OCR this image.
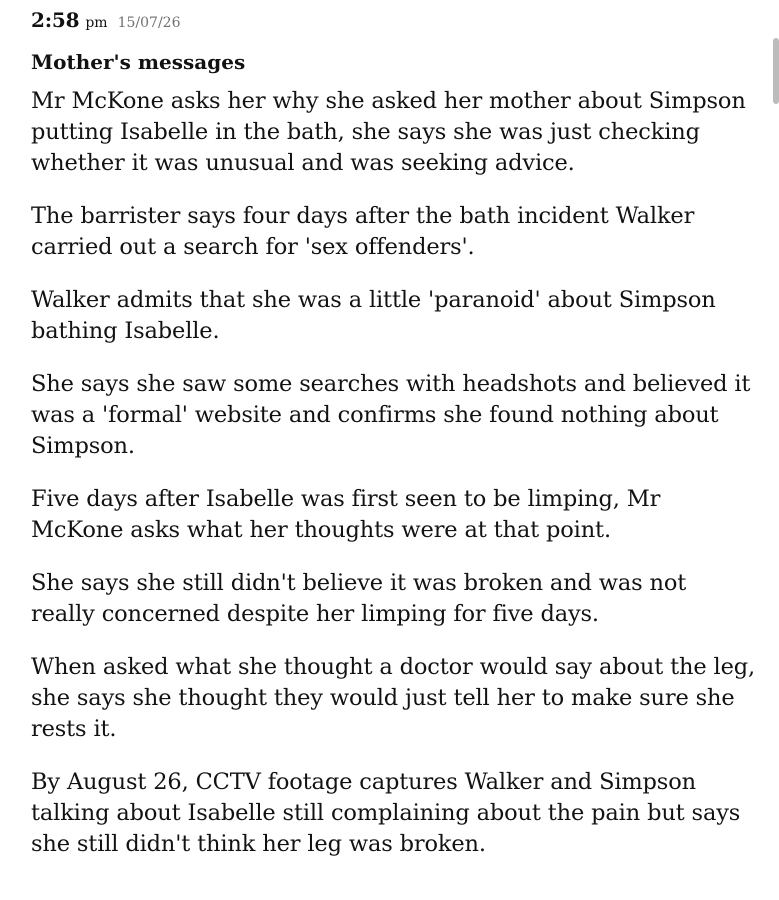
2:58 pm 15/07/26
Mother's messages

Mr McKone asks her why she asked her mother about Simpson putting Isabelle in the bath, she says she was just checking whether it was unusual and was seeking advice.

The barrister says four days after the bath incident Walker carried out a search for 'sex offenders'.

Walker admits that she was a little 'paranoid' about Simpson bathing Isabelle.

She says she saw some searches with headshots and believed it was a 'formal' website and confirms she found nothing about Simpson.

Five days after Isabelle was first seen to be limping, Mr McKone asks what her thoughts were at that point.

She says she still didn't believe it was broken and was not really concerned despite her limping for five days.

When asked what she thought a doctor would say about the leg, she says she thought they would just tell her to make sure she rests it.

By August 26, CCTV footage captures Walker and Simpson talking about Isabelle still complaining about the pain but says she still didn't think her leg was broken.
